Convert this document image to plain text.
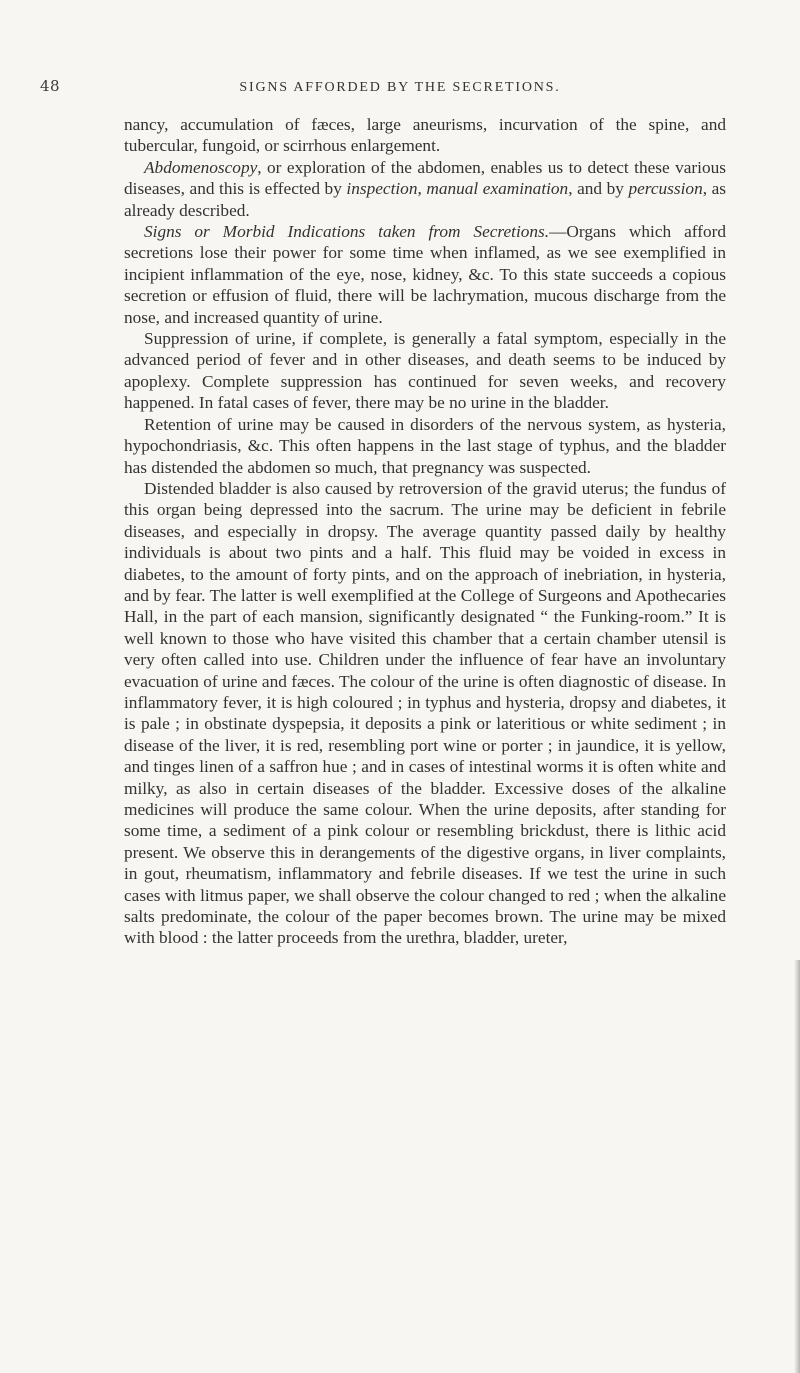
48	SIGNS AFFORDED BY THE SECRETIONS.

nancy, accumulation of fæces, large aneurisms, incurvation of the spine, and tubercular, fungoid, or scirrhous enlargement.

Abdomenoscopy, or exploration of the abdomen, enables us to detect these various diseases, and this is effected by inspection, manual examination, and by percussion, as already described.

Signs or Morbid Indications taken from Secretions.—Organs which afford secretions lose their power for some time when inflamed, as we see exemplified in incipient inflammation of the eye, nose, kidney, &c. To this state succeeds a copious secretion or effusion of fluid, there will be lachrymation, mucous discharge from the nose, and increased quantity of urine.

Suppression of urine, if complete, is generally a fatal symptom, especially in the advanced period of fever and in other diseases, and death seems to be induced by apoplexy. Complete suppression has continued for seven weeks, and recovery happened. In fatal cases of fever, there may be no urine in the bladder.

Retention of urine may be caused in disorders of the nervous system, as hysteria, hypochondriasis, &c. This often happens in the last stage of typhus, and the bladder has distended the abdomen so much, that pregnancy was suspected.

Distended bladder is also caused by retroversion of the gravid uterus; the fundus of this organ being depressed into the sacrum. The urine may be deficient in febrile diseases, and especially in dropsy. The average quantity passed daily by healthy individuals is about two pints and a half. This fluid may be voided in excess in diabetes, to the amount of forty pints, and on the approach of inebriation, in hysteria, and by fear. The latter is well exemplified at the College of Surgeons and Apothecaries Hall, in the part of each mansion, significantly designated “ the Funking-room.” It is well known to those who have visited this chamber that a certain chamber utensil is very often called into use. Children under the influence of fear have an involuntary evacuation of urine and fæces. The colour of the urine is often diagnostic of disease. In inflammatory fever, it is high coloured ; in typhus and hysteria, dropsy and diabetes, it is pale ; in obstinate dyspepsia, it deposits a pink or lateritious or white sediment ; in disease of the liver, it is red, resembling port wine or porter ; in jaundice, it is yellow, and tinges linen of a saffron hue ; and in cases of intestinal worms it is often white and milky, as also in certain diseases of the bladder. Excessive doses of the alkaline medicines will produce the same colour. When the urine deposits, after standing for some time, a sediment of a pink colour or resembling brickdust, there is lithic acid present. We observe this in derangements of the digestive organs, in liver complaints, in gout, rheumatism, inflammatory and febrile diseases. If we test the urine in such cases with litmus paper, we shall observe the colour changed to red ; when the alkaline salts predominate, the colour of the paper becomes brown. The urine may be mixed with blood : the latter proceeds from the urethra, bladder, ureter,
